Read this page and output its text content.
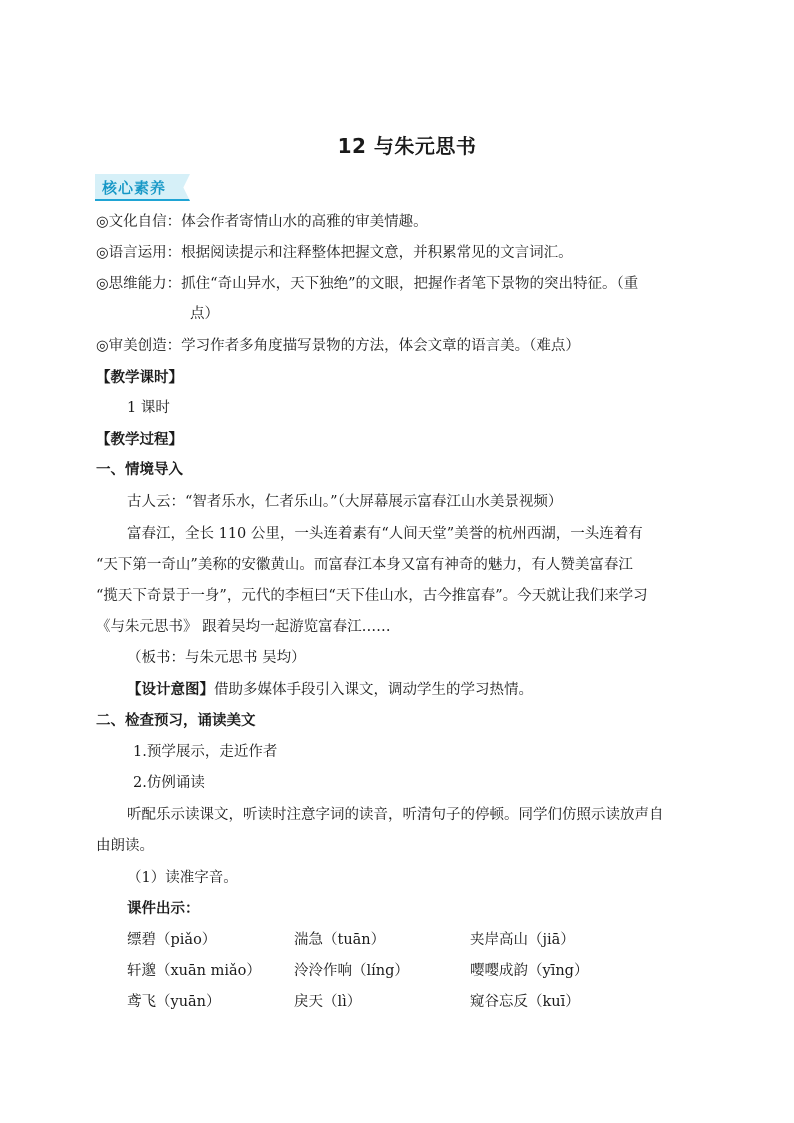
12 与朱元思书
核心素养
◎文化自信：体会作者寄情山水的高雅的审美情趣。
◎语言运用：根据阅读提示和注释整体把握文意，并积累常见的文言词汇。
◎思维能力：抓住“奇山异水，天下独绝”的文眼，把握作者笔下景物的突出特征。（重
点）
◎审美创造：学习作者多角度描写景物的方法，体会文章的语言美。（难点）
【教学课时】
1 课时
【教学过程】
一、情境导入
古人云：“智者乐水，仁者乐山。”（大屏幕展示富春江山水美景视频）
富春江，全长 110 公里，一头连着素有“人间天堂”美誉的杭州西湖，一头连着有
“天下第一奇山”美称的安徽黄山。而富春江本身又富有神奇的魅力，有人赞美富春江
“揽天下奇景于一身”，元代的李桓曰“天下佳山水，古今推富春”。今天就让我们来学习
《与朱元思书》 跟着吴均一起游览富春江……
（板书：与朱元思书 吴均）
【设计意图】借助多媒体手段引入课文，调动学生的学习热情。
二、检查预习，诵读美文
1.预学展示，走近作者
2.仿例诵读
听配乐示读课文，听读时注意字词的读音，听清句子的停顿。同学们仿照示读放声自
由朗读。
（1）读准字音。
课件出示：
缥碧（piǎo）	湍急（tuān）	夹岸高山（jiā）
轩邈（xuān miǎo） 泠泠作响（líng）	嘤嘤成韵（yīng）
鸢飞（yuān）	戾天（lì）	窥谷忘反（kuī）
